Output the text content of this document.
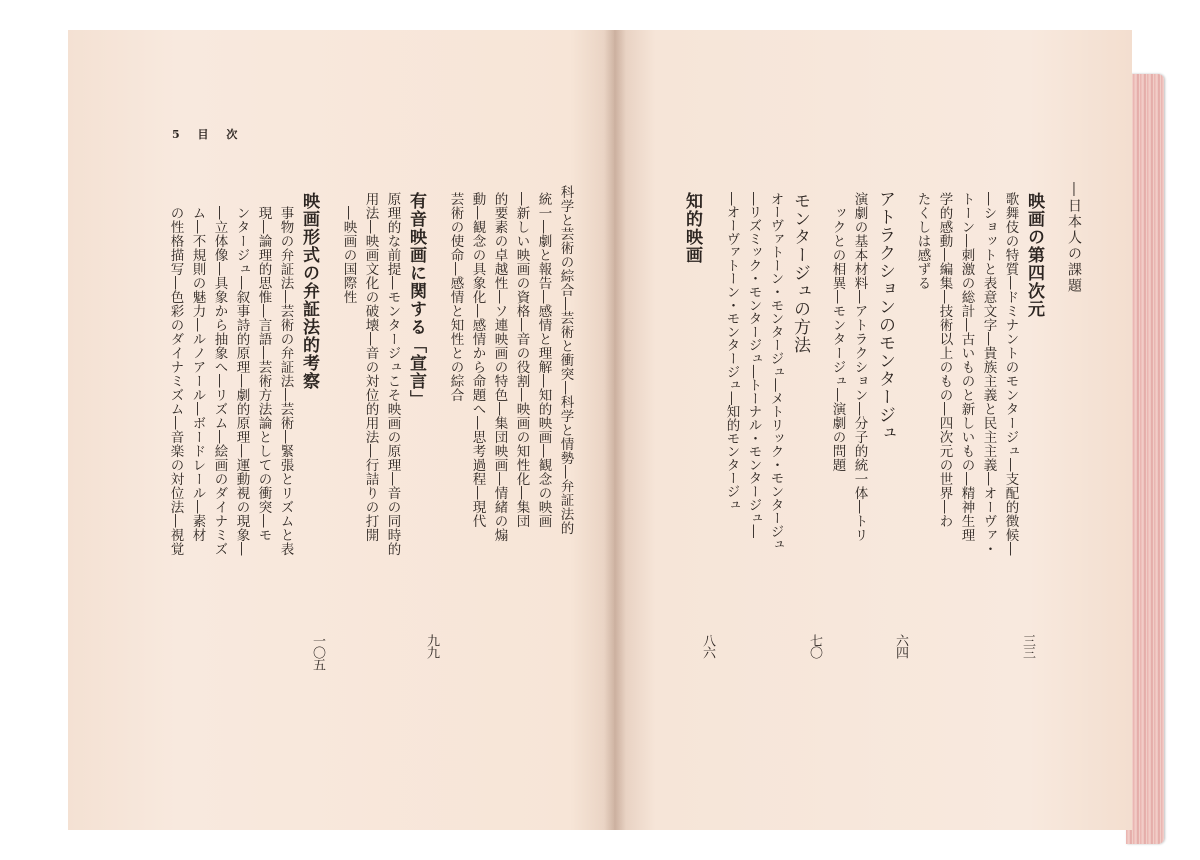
5 目 次
科学と芸術の綜合―芸術と衝突―科学と情勢―弁証法的
統一―劇と報告―感情と理解―知的映画―観念の映画
―新しい映画の資格―音の役割―映画の知性化―集団
的要素の卓越性―ソ連映画の特色―集団映画―情緒の煽
動―観念の具象化―感情から命題へ―思考過程―現代
芸術の使命―感情と知性との綜合
有音映画に関する「宣言」
原理的な前提―モンタージュこそ映画の原理―音の同時的
用法―映画文化の破壊―音の対位的用法―行詰りの打開
―映画の国際性
映画形式の弁証法的考察
事物の弁証法―芸術の弁証法―芸術―緊張とリズムと表
現―論理的思惟―言語―芸術方法論としての衝突―モ
ンタージュ―叙事詩的原理―劇的原理―運動視の現象―
―立体像―具象から抽象へ―リズム―絵画のダイナミズ
ム―不規則の魅力―ルノアール―ボードレール―素材
の性格描写―色彩のダイナミズム―音楽の対位法―視覚
九九
一〇五
―日本人の課題
映画の第四次元
歌舞伎の特質―ドミナントのモンタージュ―支配的徴候―
―ショットと表意文字―貴族主義と民主主義―オーヴァ・
トーン―刺激の総計―古いものと新しいもの―精神生理
学的感動―編集―技術以上のもの―四次元の世界―わ
たくしは感ずる
アトラクションのモンタージュ
演劇の基本材料―アトラクション―分子的統一体―トリ
ックとの相異―モンタージュ―演劇の問題
モンタージュの方法
オーヴァトーン・モンタージュ―メトリック・モンタージュ
―リズミック・モンタージュ―トーナル・モンタージュ―
―オーヴァトーン・モンタージュ―知的モンタージュ
知的映画
三三
六四
七〇
八六
